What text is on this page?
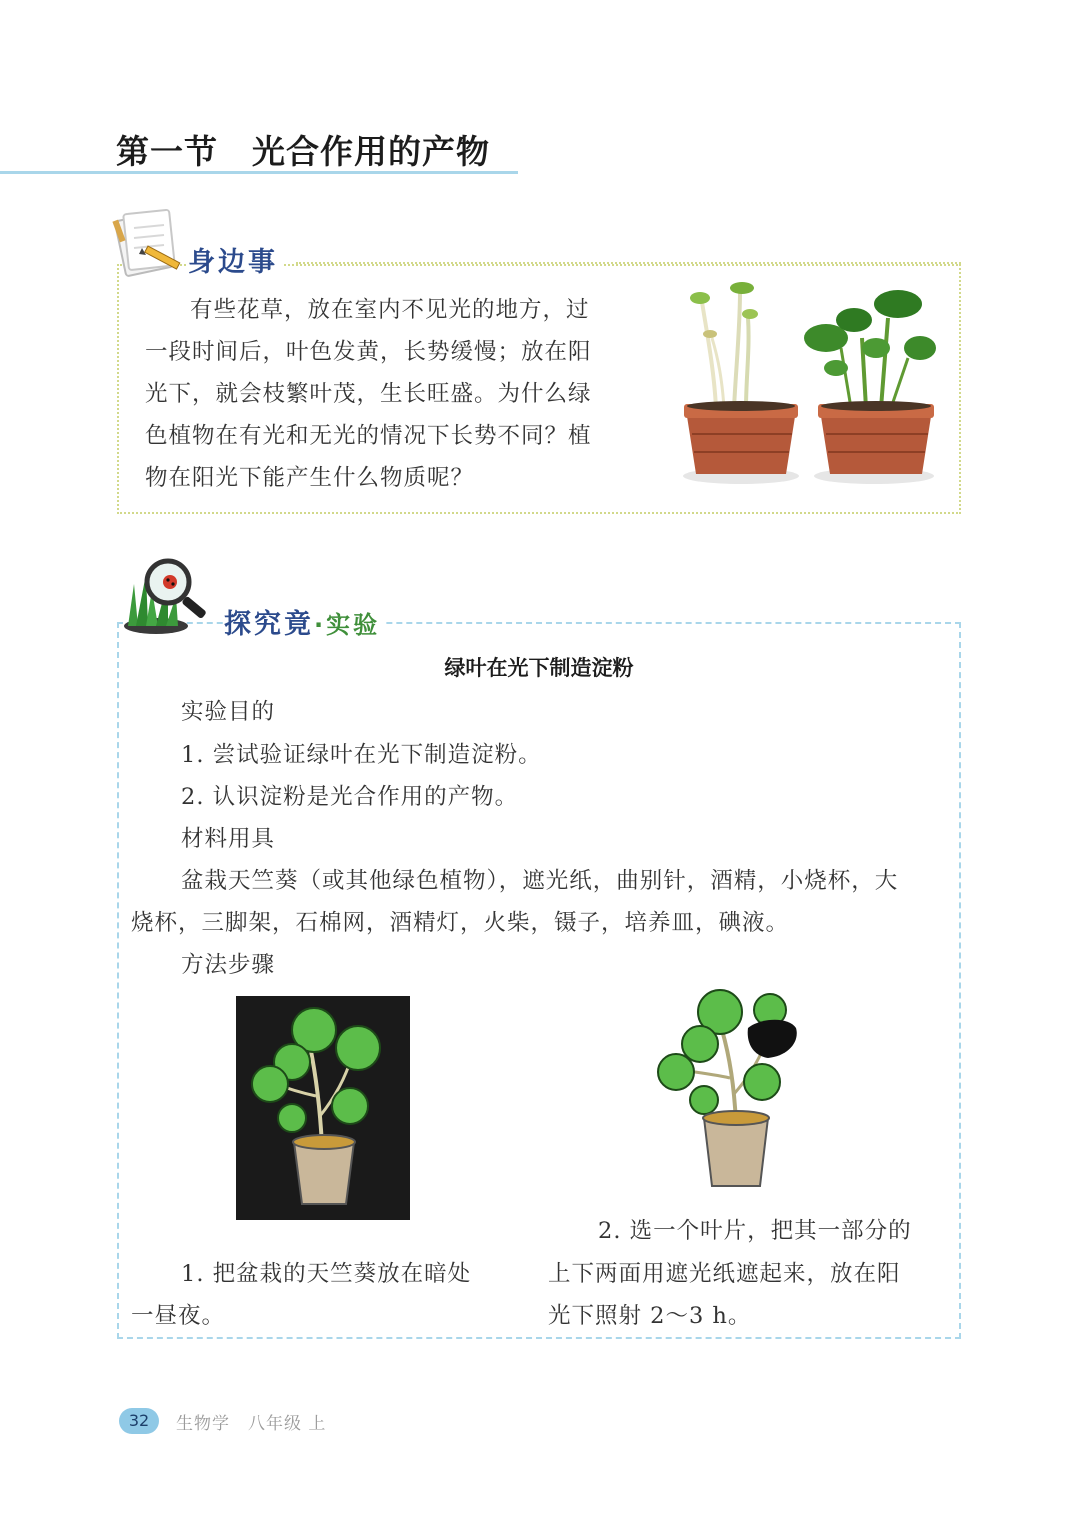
第一节　光合作用的产物
身边事
有些花草，放在室内不见光的地方，过
一段时间后，叶色发黄，长势缓慢；放在阳
光下，就会枝繁叶茂，生长旺盛。为什么绿
色植物在有光和无光的情况下长势不同？植
物在阳光下能产生什么物质呢？
探究竟·实验
绿叶在光下制造淀粉
实验目的
1. 尝试验证绿叶在光下制造淀粉。
2. 认识淀粉是光合作用的产物。
材料用具
盆栽天竺葵（或其他绿色植物），遮光纸，曲别针，酒精，小烧杯，大
烧杯，三脚架，石棉网，酒精灯，火柴，镊子，培养皿，碘液。
方法步骤
1. 把盆栽的天竺葵放在暗处
一昼夜。
2. 选一个叶片，把其一部分的
上下两面用遮光纸遮起来，放在阳
光下照射 2～3 h。
32	生物学　八年级 上
